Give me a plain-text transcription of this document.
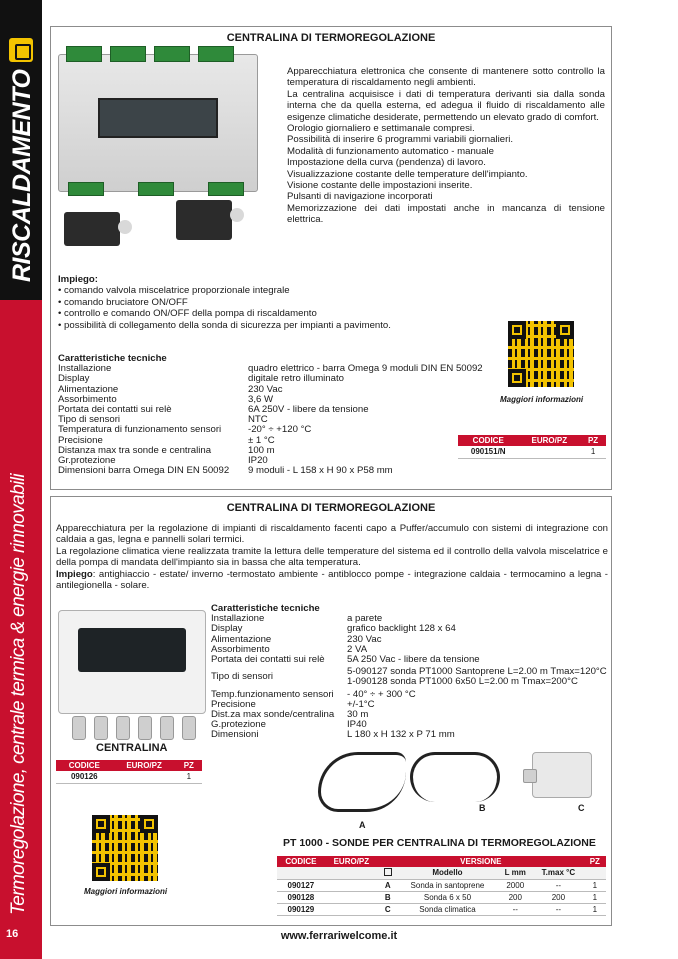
RISCALDAMENTO
Termoregolazione, centrale termica & energie rinnovabili
16
CENTRALINA DI TERMOREGOLAZIONE
Apparecchiatura elettronica che consente di mantenere sotto controllo la temperatura di riscaldamento negli ambienti.
La centralina acquisisce i dati di temperatura derivanti sia dalla sonda interna che da quella esterna, ed adegua il fluido di riscaldamento alle esigenze climatiche desiderate, permettendo un elevato grado di comfort.
Orologio giornaliero e settimanale compresi.
Possibilità di inserire 6 programmi variabili giornalieri.
Modalità di funzionamento automatico - manuale
Impostazione della curva (pendenza) di lavoro.
Visualizzazione costante delle temperature dell'impianto.
Visione costante delle impostazioni inserite.
Pulsanti di navigazione incorporati
Memorizzazione dei dati impostati anche in mancanza di tensione elettrica.
Impiego:
• comando valvola miscelatrice proporzionale integrale
• comando bruciatore ON/OFF
• controllo e comando ON/OFF della pompa di riscaldamento
• possibilità di collegamento della sonda di sicurezza per impianti a pavimento.
Caratteristiche tecniche
Installazione	quadro elettrico - barra Omega 9 moduli DIN EN 50092
Display	digitale retro illuminato
Alimentazione	230 Vac
Assorbimento	3,6 W
Portata dei contatti sui relè	6A 250V - libere da tensione
Tipo di sensori	NTC
Temperatura di funzionamento sensori	-20° ÷ +120 °C
Precisione	± 1 °C
Distanza max tra sonde e centralina	100 m
Gr.protezione	IP20
Dimensioni barra Omega DIN EN 50092	9 moduli - L 158 x H 90 x P58 mm
Maggiori informazioni
CODICE	EURO/PZ	PZ
090151/N		1
CENTRALINA DI TERMOREGOLAZIONE
Apparecchiatura per la regolazione di impianti di riscaldamento facenti capo a Puffer/accumulo con sistemi di integrazione con caldaia a gas, legna e pannelli solari termici.
La regolazione climatica viene realizzata tramite la lettura delle temperature del sistema ed il controllo della valvola miscelatrice e della pompa di mandata dell'impianto sia in bassa che alta temperatura.
Impiego: antighiaccio - estate/ inverno -termostato ambiente - antiblocco pompe - integrazione caldaia - termocamino a legna - antilegionella - solare.
CENTRALINA
Caratteristiche tecniche
Installazione	a parete
Display	grafico backlight 128 x 64
Alimentazione	230 Vac
Assorbimento	2 VA
Portata dei contatti sui relè	5A 250 Vac - libere da tensione
Tipo di sensori	5-090127 sonda PT1000 Santoprene L=2.00 m Tmax=120°C
1-090128 sonda PT1000 6x50 L=2.00 m Tmax=200°C
Temp.funzionamento sensori	- 40° ÷ + 300 °C
Precisione	+/-1°C
Dist.za max sonde/centralina	30 m
G.protezione	IP40
Dimensioni	L 180 x H 132 x P 71 mm
CODICE	EURO/PZ	PZ
090126		1
Maggiori informazioni
A
B	C
PT 1000 - SONDE PER CENTRALINA DI TERMOREGOLAZIONE
CODICE	EURO/PZ	VERSIONE				PZ
			Modello	L mm	T.max °C	
090127		A	Sonda in santoprene	2000	--	1
090128		B	Sonda 6 x 50	200	200	1
090129		C	Sonda climatica	--	--	1
www.ferrariwelcome.it
